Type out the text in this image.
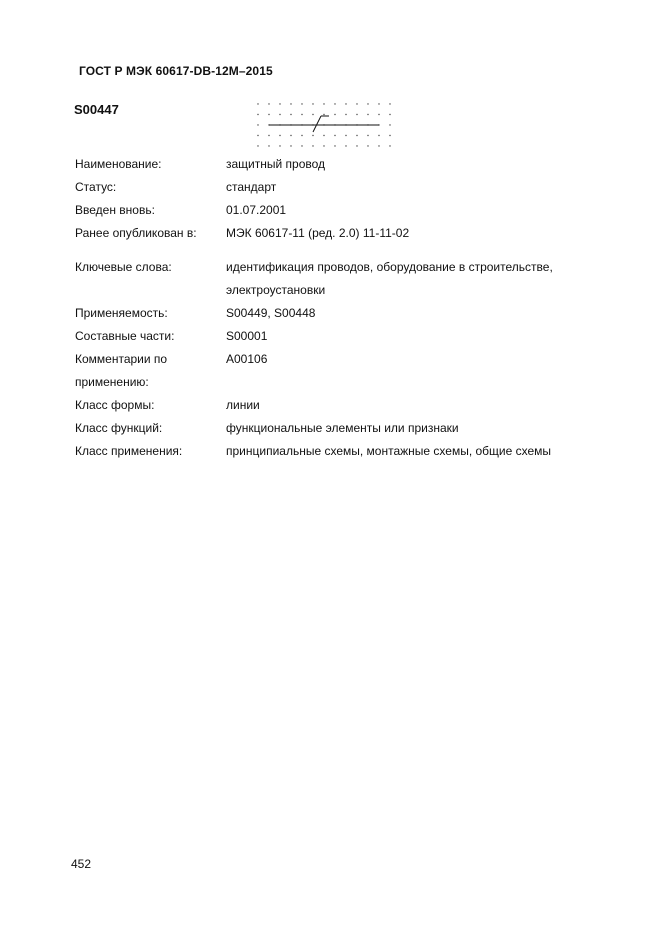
ГОСТ Р МЭК 60617-DB-12M–2015
S00447
Наименование:	защитный провод
Статус:	стандарт
Введен вновь:	01.07.2001
Ранее опубликован в:	МЭК 60617-11 (ред. 2.0) 11-11-02
Ключевые слова:	идентификация проводов, оборудование в строительстве, электроустановки
Применяемость:	S00449, S00448
Составные части:	S00001
Комментарии по применению:
A00106
Класс формы:	линии
Класс функций:	функциональные элементы или признаки
Класс применения:	принципиальные схемы, монтажные схемы, общие схемы
452
